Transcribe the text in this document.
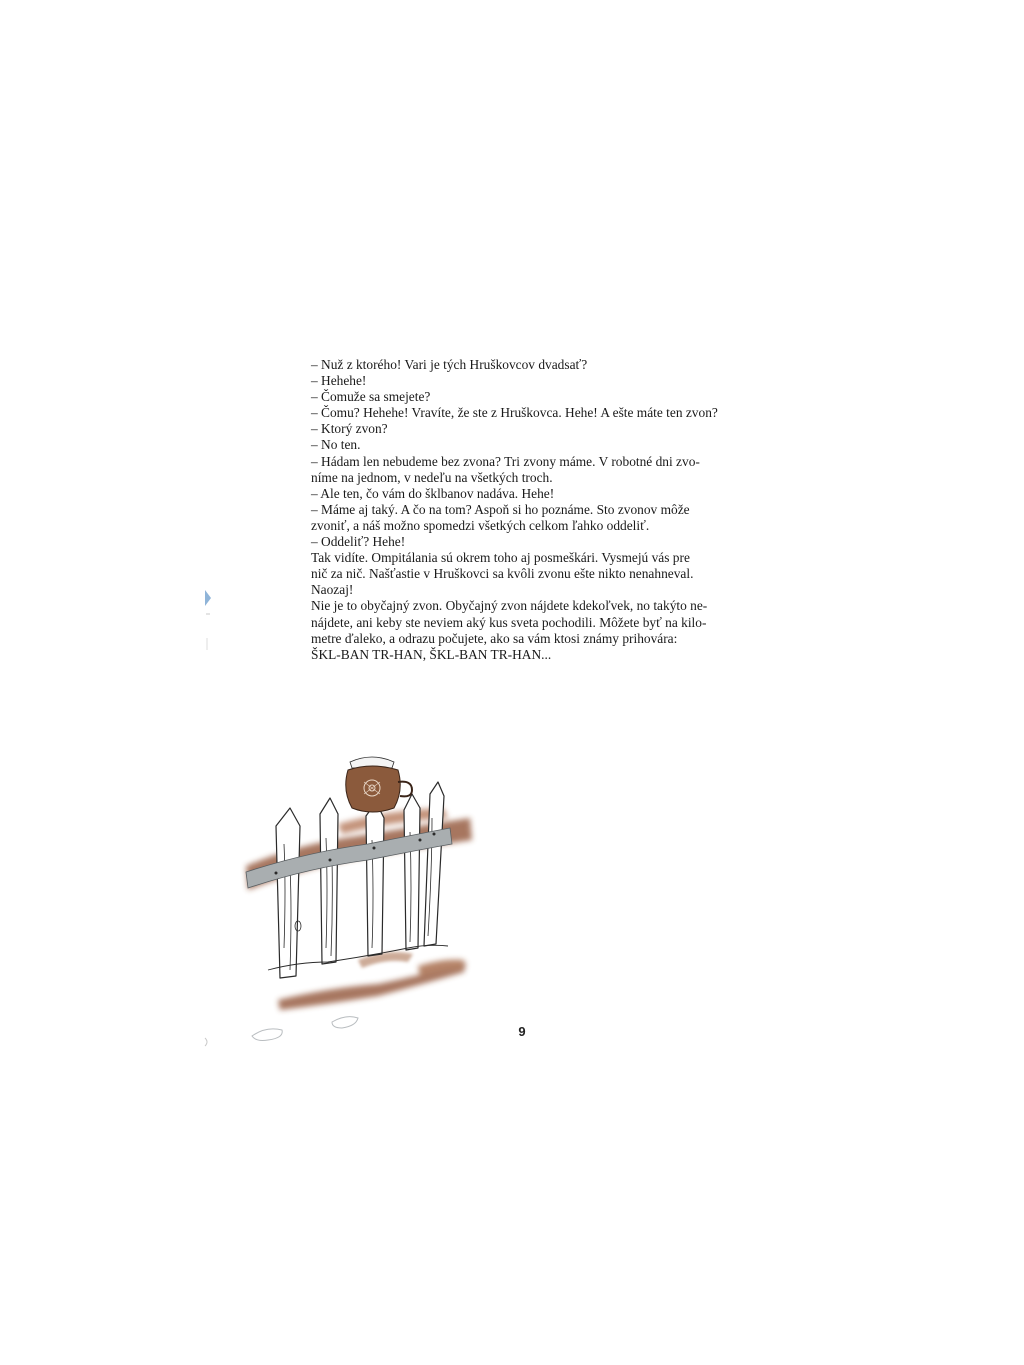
– Nuž z ktorého! Vari je tých Hruškovcov dvadsať?

– Hehehe!

– Čomuže sa smejete?

– Čomu? Hehehe! Vravíte, že ste z Hruškovca. Hehe! A ešte máte ten zvon?

– Ktorý zvon?

– No ten.

– Hádam len nebudeme bez zvona? Tri zvony máme. V robotné dni zvo-

níme na jednom, v nedeľu na všetkých troch.

– Ale ten, čo vám do šklbanov nadáva. Hehe!

– Máme aj taký. A čo na tom? Aspoň si ho poznáme. Sto zvonov môže

zvoniť, a náš možno spomedzi všetkých celkom ľahko oddeliť.

– Oddeliť? Hehe!

Tak vidíte. Ompitálania sú okrem toho aj posmeškári. Vysmejú vás pre

nič za nič. Našťastie v Hruškovci sa kvôli zvonu ešte nikto nenahneval.

Naozaj!

Nie je to obyčajný zvon. Obyčajný zvon nájdete kdekoľvek, no takýto ne-

nájdete, ani keby ste neviem aký kus sveta pochodili. Môžete byť na kilo-

metre ďaleko, a odrazu počujete, ako sa vám ktosi známy prihovára:

ŠKL-BAN TR-HAN, ŠKL-BAN TR-HAN...

9
